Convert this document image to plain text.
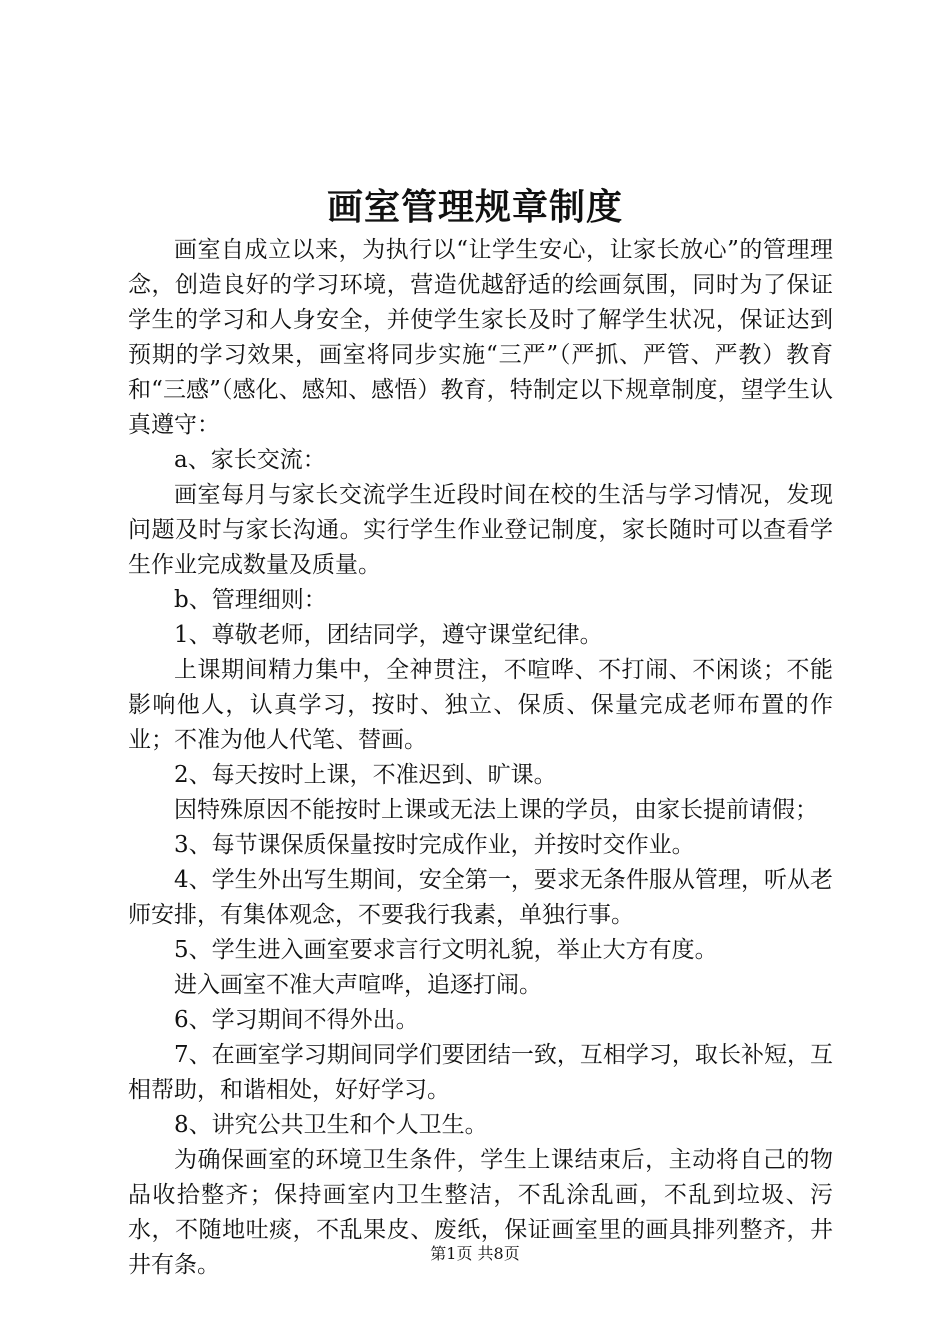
画室管理规章制度

画室自成立以来，为执行以“让学生安心，让家长放心”的管理理念，创造良好的学习环境，营造优越舒适的绘画氛围，同时为了保证学生的学习和人身安全，并使学生家长及时了解学生状况，保证达到预期的学习效果，画室将同步实施“三严”（严抓、严管、严教）教育和“三感”（感化、感知、感悟）教育，特制定以下规章制度，望学生认真遵守：

a、家长交流：

画室每月与家长交流学生近段时间在校的生活与学习情况，发现问题及时与家长沟通。实行学生作业登记制度，家长随时可以查看学生作业完成数量及质量。

b、管理细则：

1、尊敬老师，团结同学，遵守课堂纪律。

上课期间精力集中，全神贯注，不喧哗、不打闹、不闲谈；不能影响他人，认真学习，按时、独立、保质、保量完成老师布置的作业；不准为他人代笔、替画。

2、每天按时上课，不准迟到、旷课。

因特殊原因不能按时上课或无法上课的学员，由家长提前请假；

3、每节课保质保量按时完成作业，并按时交作业。

4、学生外出写生期间，安全第一，要求无条件服从管理，听从老师安排，有集体观念，不要我行我素，单独行事。

5、学生进入画室要求言行文明礼貌，举止大方有度。

进入画室不准大声喧哗，追逐打闹。

6、学习期间不得外出。

7、在画室学习期间同学们要团结一致，互相学习，取长补短，互相帮助，和谐相处，好好学习。

8、讲究公共卫生和个人卫生。

为确保画室的环境卫生条件，学生上课结束后，主动将自己的物品收拾整齐；保持画室内卫生整洁，不乱涂乱画，不乱到垃圾、污水，不随地吐痰，不乱果皮、废纸，保证画室里的画具排列整齐，井井有条。	第1页 共8页
